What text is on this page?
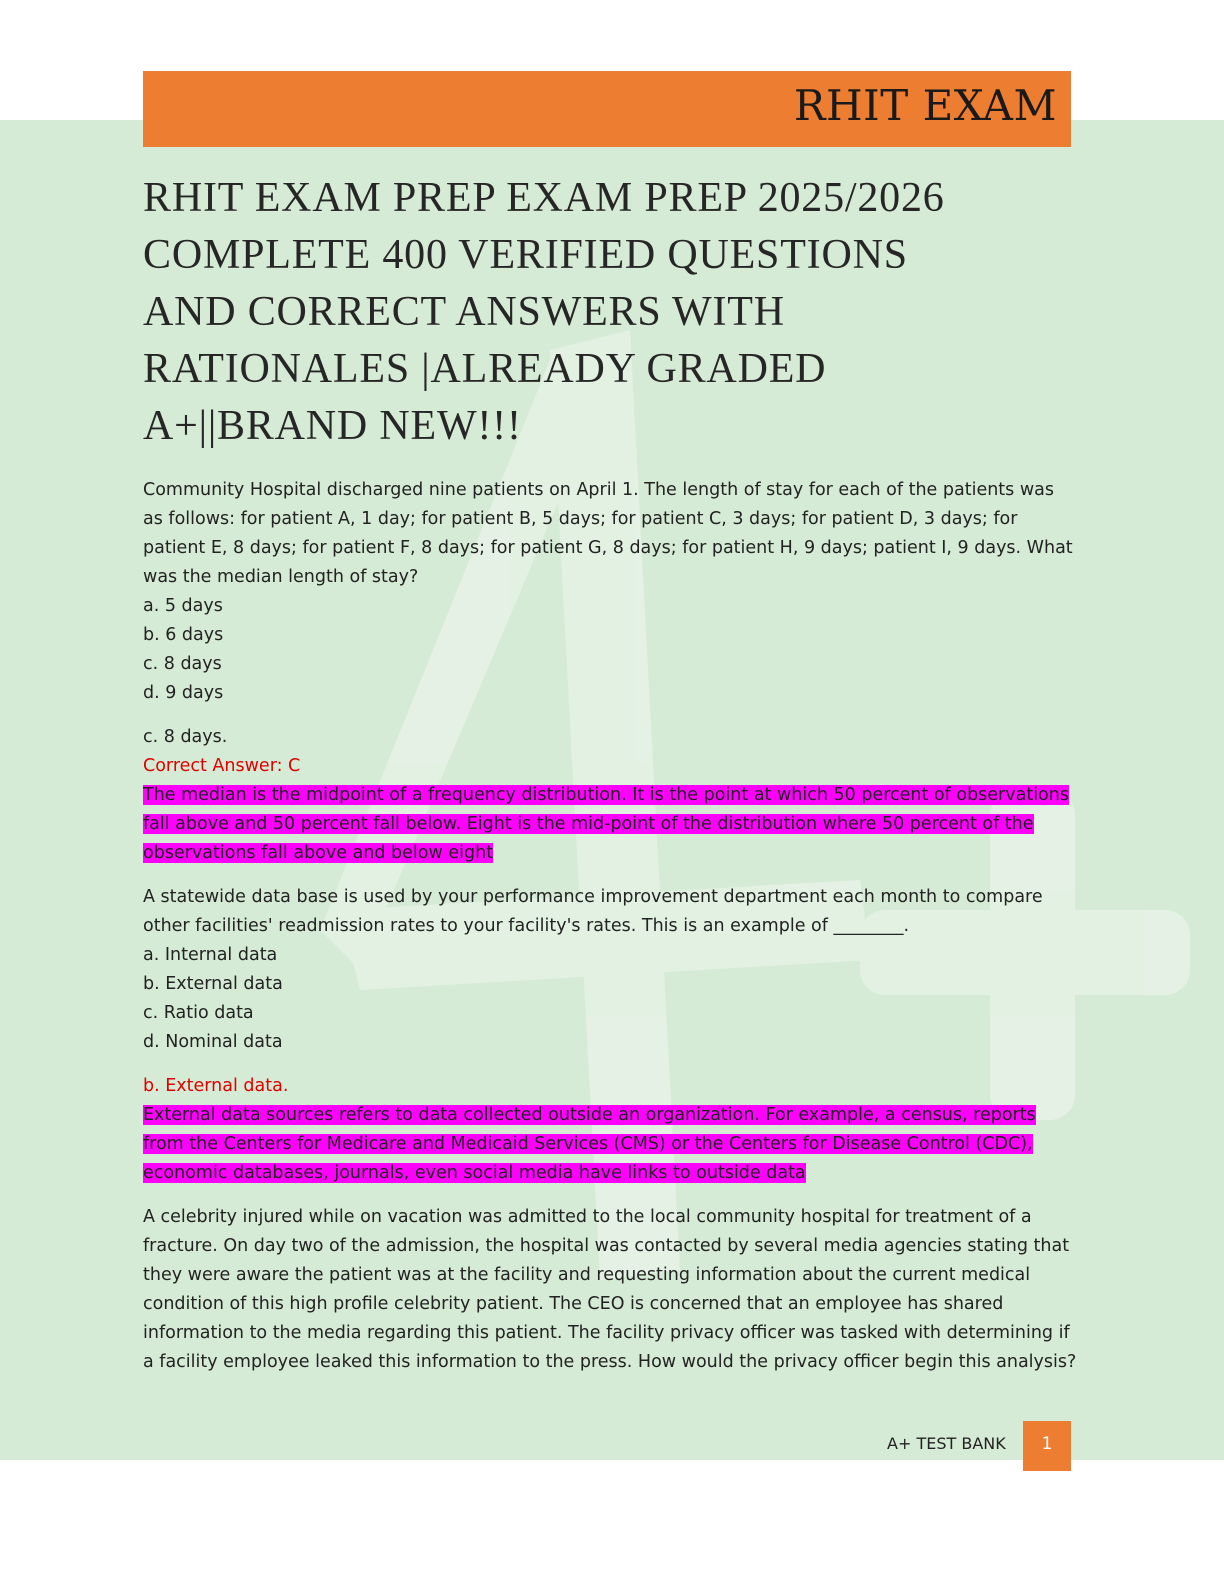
RHIT EXAM
RHIT EXAM PREP EXAM PREP 2025/2026
COMPLETE 400 VERIFIED QUESTIONS
AND CORRECT ANSWERS WITH
RATIONALES |ALREADY GRADED
A+||BRAND NEW!!!

Community Hospital discharged nine patients on April 1. The length of stay for each of the patients was as follows: for patient A, 1 day; for patient B, 5 days; for patient C, 3 days; for patient D, 3 days; for patient E, 8 days; for patient F, 8 days; for patient G, 8 days; for patient H, 9 days; patient I, 9 days. What was the median length of stay?

a. 5 days

b. 6 days

c. 8 days

d. 9 days

c. 8 days.

Correct Answer: C

The median is the midpoint of a frequency distribution. It is the point at which 50 percent of observations fall above and 50 percent fall below. Eight is the mid-point of the distribution where 50 percent of the observations fall above and below eight

A statewide data base is used by your performance improvement department each month to compare other facilities' readmission rates to your facility's rates. This is an example of ________.

a. Internal data

b. External data

c. Ratio data

d. Nominal data

b. External data.

External data sources refers to data collected outside an organization. For example, a census, reports from the Centers for Medicare and Medicaid Services (CMS) or the Centers for Disease Control (CDC), economic databases, journals, even social media have links to outside data

A celebrity injured while on vacation was admitted to the local community hospital for treatment of a fracture. On day two of the admission, the hospital was contacted by several media agencies stating that they were aware the patient was at the facility and requesting information about the current medical condition of this high profile celebrity patient. The CEO is concerned that an employee has shared information to the media regarding this patient. The facility privacy officer was tasked with determining if a facility employee leaked this information to the press. How would the privacy officer begin this analysis?

A+ TEST BANK	1
